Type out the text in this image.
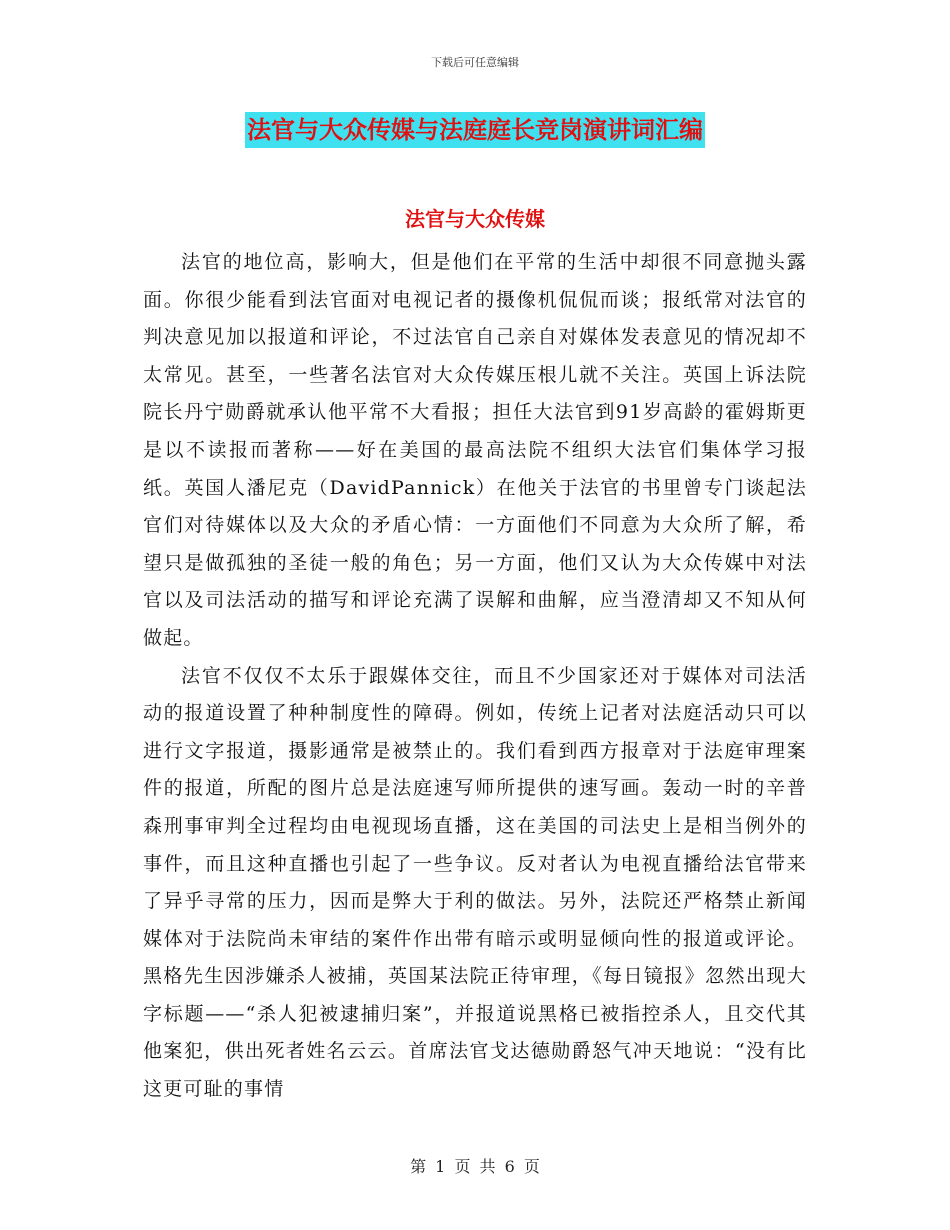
下载后可任意编辑
法官与大众传媒与法庭庭长竞岗演讲词汇编
法官与大众传媒

法官的地位高，影响大，但是他们在平常的生活中却很不同意抛头露面。你很少能看到法官面对电视记者的摄像机侃侃而谈；报纸常对法官的判决意见加以报道和评论，不过法官自己亲自对媒体发表意见的情况却不太常见。甚至，一些著名法官对大众传媒压根儿就不关注。英国上诉法院院长丹宁勋爵就承认他平常不大看报；担任大法官到91岁高龄的霍姆斯更是以不读报而著称——好在美国的最高法院不组织大法官们集体学习报纸。英国人潘尼克（DavidPannick）在他关于法官的书里曾专门谈起法官们对待媒体以及大众的矛盾心情：一方面他们不同意为大众所了解，希望只是做孤独的圣徒一般的角色；另一方面，他们又认为大众传媒中对法官以及司法活动的描写和评论充满了误解和曲解，应当澄清却又不知从何做起。

法官不仅仅不太乐于跟媒体交往，而且不少国家还对于媒体对司法活动的报道设置了种种制度性的障碍。例如，传统上记者对法庭活动只可以进行文字报道，摄影通常是被禁止的。我们看到西方报章对于法庭审理案件的报道，所配的图片总是法庭速写师所提供的速写画。轰动一时的辛普森刑事审判全过程均由电视现场直播，这在美国的司法史上是相当例外的事件，而且这种直播也引起了一些争议。反对者认为电视直播给法官带来了异乎寻常的压力，因而是弊大于利的做法。另外，法院还严格禁止新闻媒体对于法院尚未审结的案件作出带有暗示或明显倾向性的报道或评论。黑格先生因涉嫌杀人被捕，英国某法院正待审理，《每日镜报》忽然出现大字标题——“杀人犯被逮捕归案”，并报道说黑格已被指控杀人，且交代其他案犯，供出死者姓名云云。首席法官戈达德勋爵怒气冲天地说：“没有比这更可耻的事情

第 1 页 共 6 页
